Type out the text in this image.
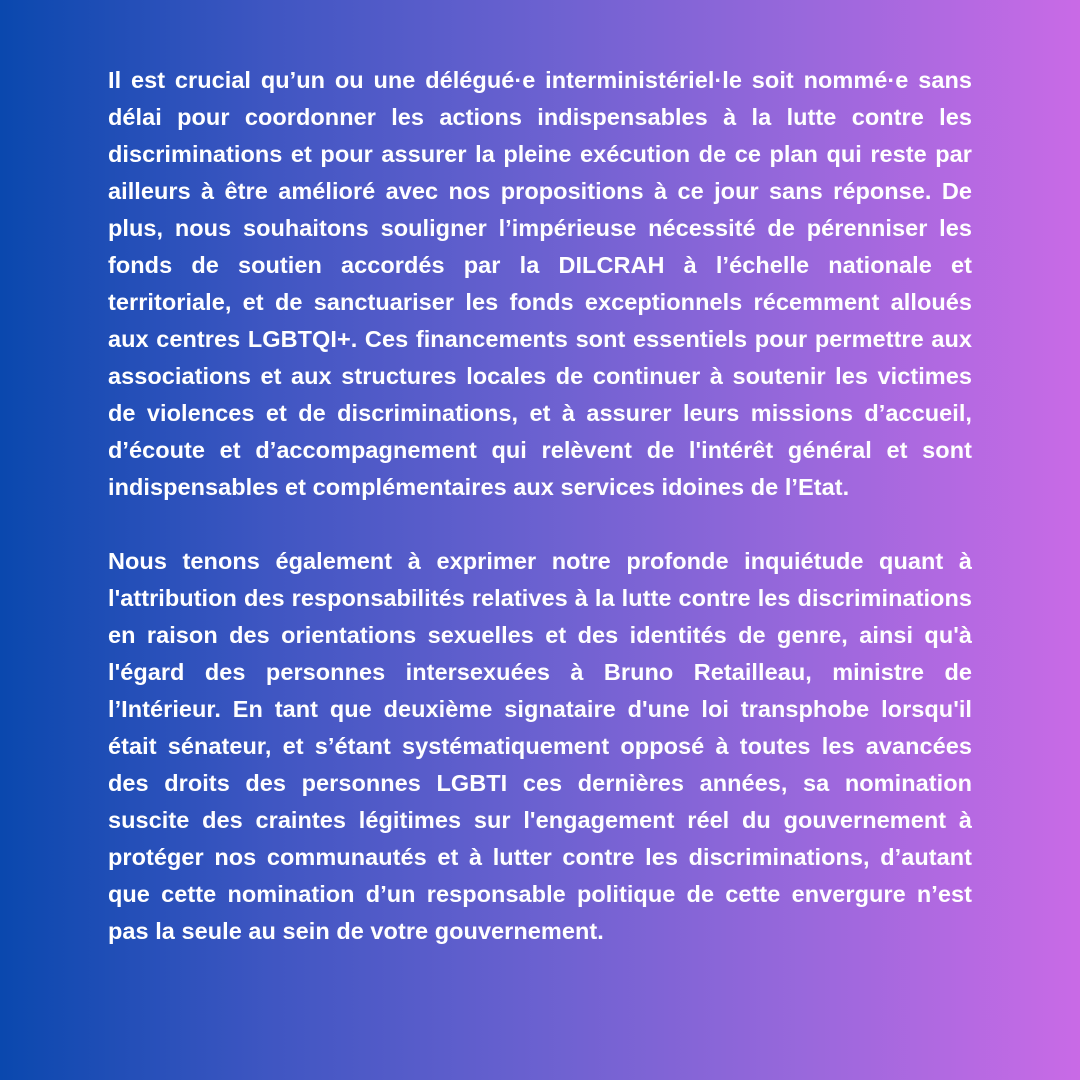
Il est crucial qu’un ou une délégué·e interministériel·le soit nommé·e sans délai pour coordonner les actions indispensables à la lutte contre les discriminations et pour assurer la pleine exécution de ce plan qui reste par ailleurs à être amélioré avec nos propositions à ce jour sans réponse. De plus, nous souhaitons souligner l’impérieuse nécessité de pérenniser les fonds de soutien accordés par la DILCRAH à l’échelle nationale et territoriale, et de sanctuariser les fonds exceptionnels récemment alloués aux centres LGBTQI+. Ces financements sont essentiels pour permettre aux associations et aux structures locales de continuer à soutenir les victimes de violences et de discriminations, et à assurer leurs missions d’accueil, d’écoute et d’accompagnement qui relèvent de l'intérêt général et sont indispensables et complémentaires aux services idoines de l’Etat.

Nous tenons également à exprimer notre profonde inquiétude quant à l'attribution des responsabilités relatives à la lutte contre les discriminations en raison des orientations sexuelles et des identités de genre, ainsi qu'à l'égard des personnes intersexuées à Bruno Retailleau, ministre de l’Intérieur. En tant que deuxième signataire d'une loi transphobe lorsqu'il était sénateur, et s’étant systématiquement opposé à toutes les avancées des droits des personnes LGBTI ces dernières années, sa nomination suscite des craintes légitimes sur l'engagement réel du gouvernement à protéger nos communautés et à lutter contre les discriminations, d’autant que cette nomination d’un responsable politique de cette envergure n’est pas la seule au sein de votre gouvernement.
